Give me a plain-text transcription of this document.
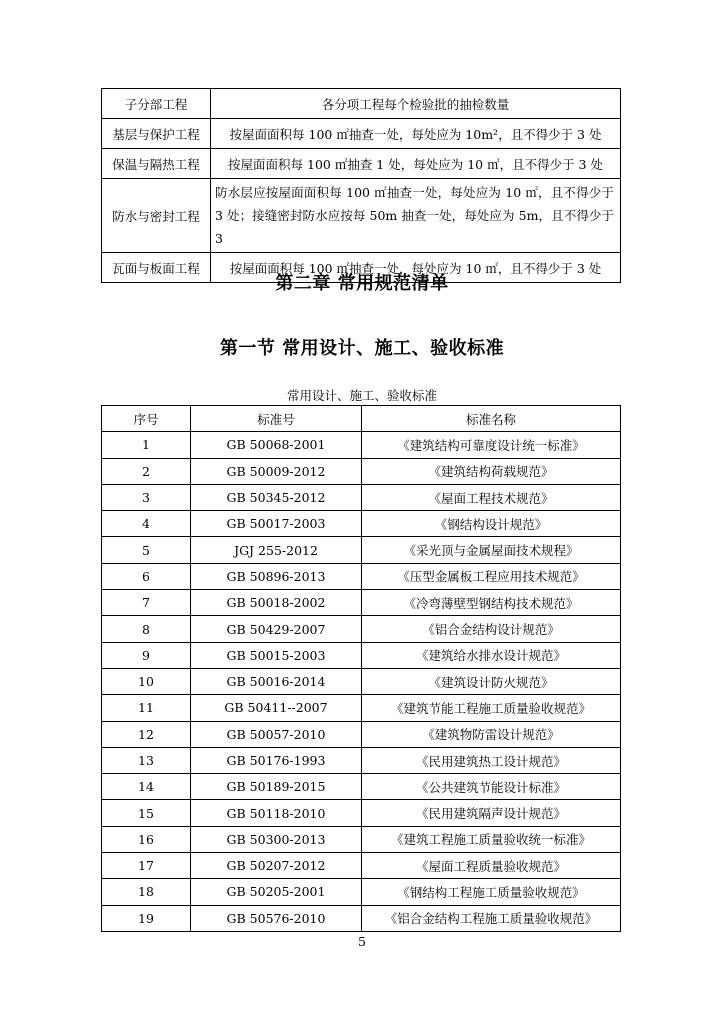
子分部工程	各分项工程每个检验批的抽检数量
基层与保护工程	按屋面面积每 100 ㎡抽查一处，每处应为 10m²，且不得少于 3 处
保温与隔热工程	按屋面面积每 100 ㎡抽查 1 处，每处应为 10 ㎡，且不得少于 3 处
防水与密封工程	防水层应按屋面面积每 100 ㎡抽查一处，每处应为 10 ㎡，且不得少于 3 处；接缝密封防水应按每 50m 抽查一处，每处应为 5m，且不得少于 3
瓦面与板面工程	按屋面面积每 100 ㎡抽查一处，每处应为 10 ㎡，且不得少于 3 处
第二章 常用规范清单
第一节 常用设计、施工、验收标准
常用设计、施工、验收标准
序号	标准号	标准名称
1	GB 50068-2001	《建筑结构可靠度设计统一标准》
2	GB 50009-2012	《建筑结构荷载规范》
3	GB 50345-2012	《屋面工程技术规范》
4	GB 50017-2003	《钢结构设计规范》
5	JGJ 255-2012	《采光顶与金属屋面技术规程》
6	GB 50896-2013	《压型金属板工程应用技术规范》
7	GB 50018-2002	《冷弯薄壁型钢结构技术规范》
8	GB 50429-2007	《铝合金结构设计规范》
9	GB 50015-2003	《建筑给水排水设计规范》
10	GB 50016-2014	《建筑设计防火规范》
11	GB 50411--2007	《建筑节能工程施工质量验收规范》
12	GB 50057-2010	《建筑物防雷设计规范》
13	GB 50176-1993	《民用建筑热工设计规范》
14	GB 50189-2015	《公共建筑节能设计标准》
15	GB 50118-2010	《民用建筑隔声设计规范》
16	GB 50300-2013	《建筑工程施工质量验收统一标准》
17	GB 50207-2012	《屋面工程质量验收规范》
18	GB 50205-2001	《钢结构工程施工质量验收规范》
19	GB 50576-2010	《铝合金结构工程施工质量验收规范》
5
